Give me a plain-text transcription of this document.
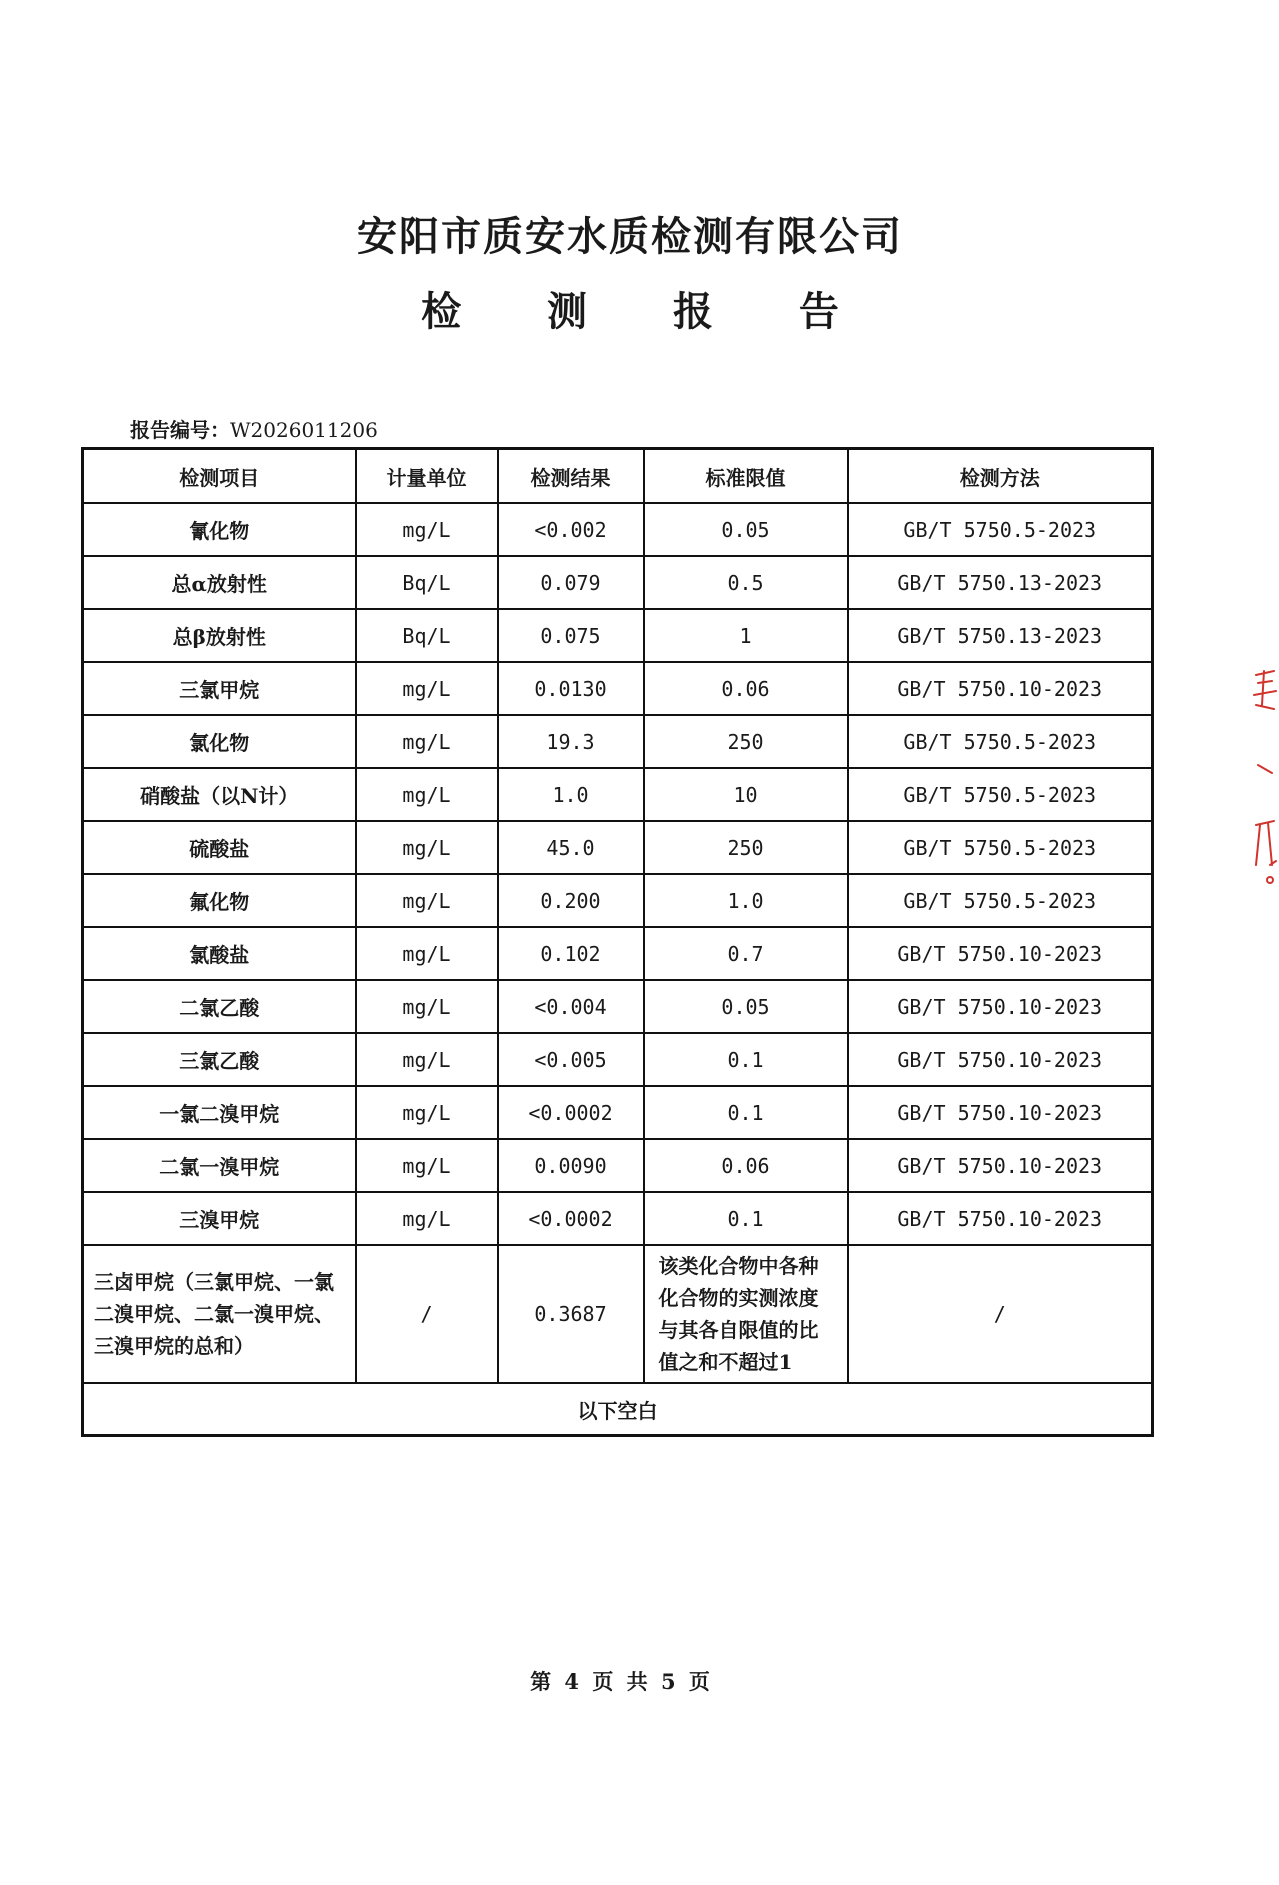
安阳市质安水质检测有限公司
检 测 报 告
报告编号：W2026011206
检测项目	计量单位	检测结果	标准限值	检测方法
氰化物	mg/L	<0.002	0.05	GB/T 5750.5-2023
总α放射性	Bq/L	0.079	0.5	GB/T 5750.13-2023
总β放射性	Bq/L	0.075	1	GB/T 5750.13-2023
三氯甲烷	mg/L	0.0130	0.06	GB/T 5750.10-2023
氯化物	mg/L	19.3	250	GB/T 5750.5-2023
硝酸盐（以N计）	mg/L	1.0	10	GB/T 5750.5-2023
硫酸盐	mg/L	45.0	250	GB/T 5750.5-2023
氟化物	mg/L	0.200	1.0	GB/T 5750.5-2023
氯酸盐	mg/L	0.102	0.7	GB/T 5750.10-2023
二氯乙酸	mg/L	<0.004	0.05	GB/T 5750.10-2023
三氯乙酸	mg/L	<0.005	0.1	GB/T 5750.10-2023
一氯二溴甲烷	mg/L	<0.0002	0.1	GB/T 5750.10-2023
二氯一溴甲烷	mg/L	0.0090	0.06	GB/T 5750.10-2023
三溴甲烷	mg/L	<0.0002	0.1	GB/T 5750.10-2023
三卤甲烷（三氯甲烷、一氯二溴甲烷、二氯一溴甲烷、三溴甲烷的总和）	/	0.3687	该类化合物中各种化合物的实测浓度与其各自限值的比值之和不超过1	/
以下空白				
第 4 页 共 5 页
